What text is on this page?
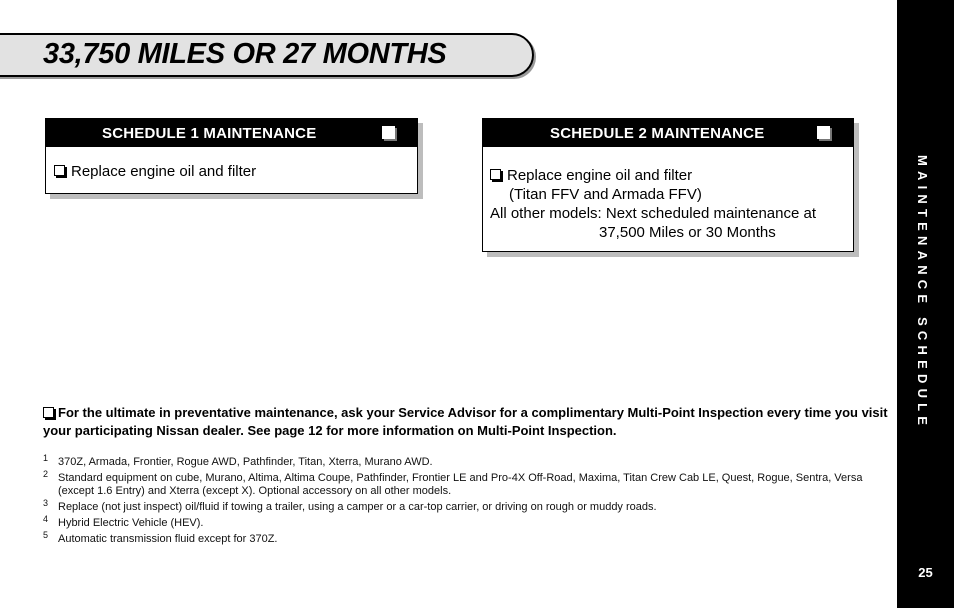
33,750 MILES OR 27 MONTHS
SCHEDULE 1 MAINTENANCE
Replace engine oil and filter
SCHEDULE 2 MAINTENANCE
Replace engine oil and filter
(Titan FFV and Armada FFV)
All other models: Next scheduled maintenance at
37,500 Miles or 30 Months
For the ultimate in preventative maintenance, ask your Service Advisor for a complimentary Multi-Point Inspection every time you visit your participating Nissan dealer. See page 12 for more information on Multi-Point Inspection.
1 370Z, Armada, Frontier, Rogue AWD, Pathfinder, Titan, Xterra, Murano AWD.
2 Standard equipment on cube, Murano, Altima, Altima Coupe, Pathfinder, Frontier LE and Pro-4X Off-Road, Maxima, Titan Crew Cab LE, Quest, Rogue, Sentra, Versa (except 1.6 Entry) and Xterra (except X). Optional accessory on all other models.
3 Replace (not just inspect) oil/fluid if towing a trailer, using a camper or a car-top carrier, or driving on rough or muddy roads.
4 Hybrid Electric Vehicle (HEV).
5 Automatic transmission fluid except for 370Z.
MAINTENANCE SCHEDULE
25
